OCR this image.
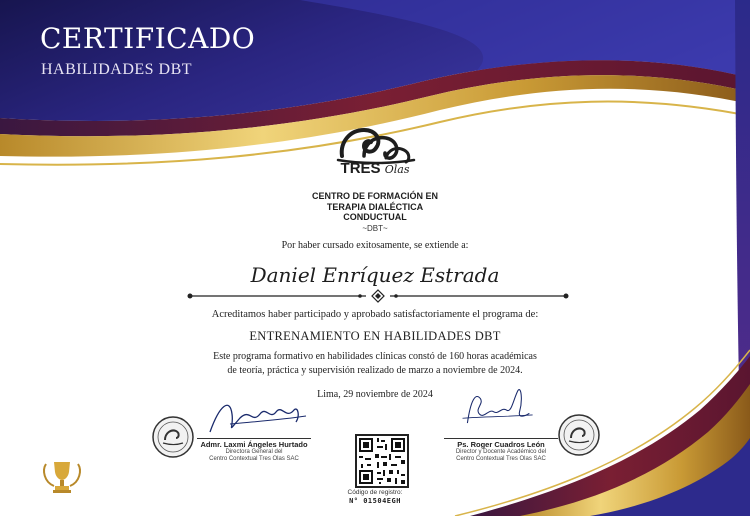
CERTIFICADO
HABILIDADES DBT
TRES Olas
CENTRO DE FORMACIÓN EN
TERAPIA DIALÉCTICA
CONDUCTUAL
~DBT~
Por haber cursado exitosamente, se extiende a:
Daniel Enríquez Estrada
Acreditamos haber participado y aprobado satisfactoriamente el programa de:
ENTRENAMIENTO EN HABILIDADES DBT
Este programa formativo en habilidades clínicas constó de 160 horas académicas
de teoría, práctica y supervisión realizado de marzo a noviembre de 2024.
Lima, 29 noviembre de 2024
Admr. Laxmi Ángeles Hurtado
Directora General del
Centro Contextual Tres Olas SAC
Código de registro:
N° 01504EGH
Ps. Roger Cuadros León
Director y Docente Académico del
Centro Contextual Tres Olas SAC
